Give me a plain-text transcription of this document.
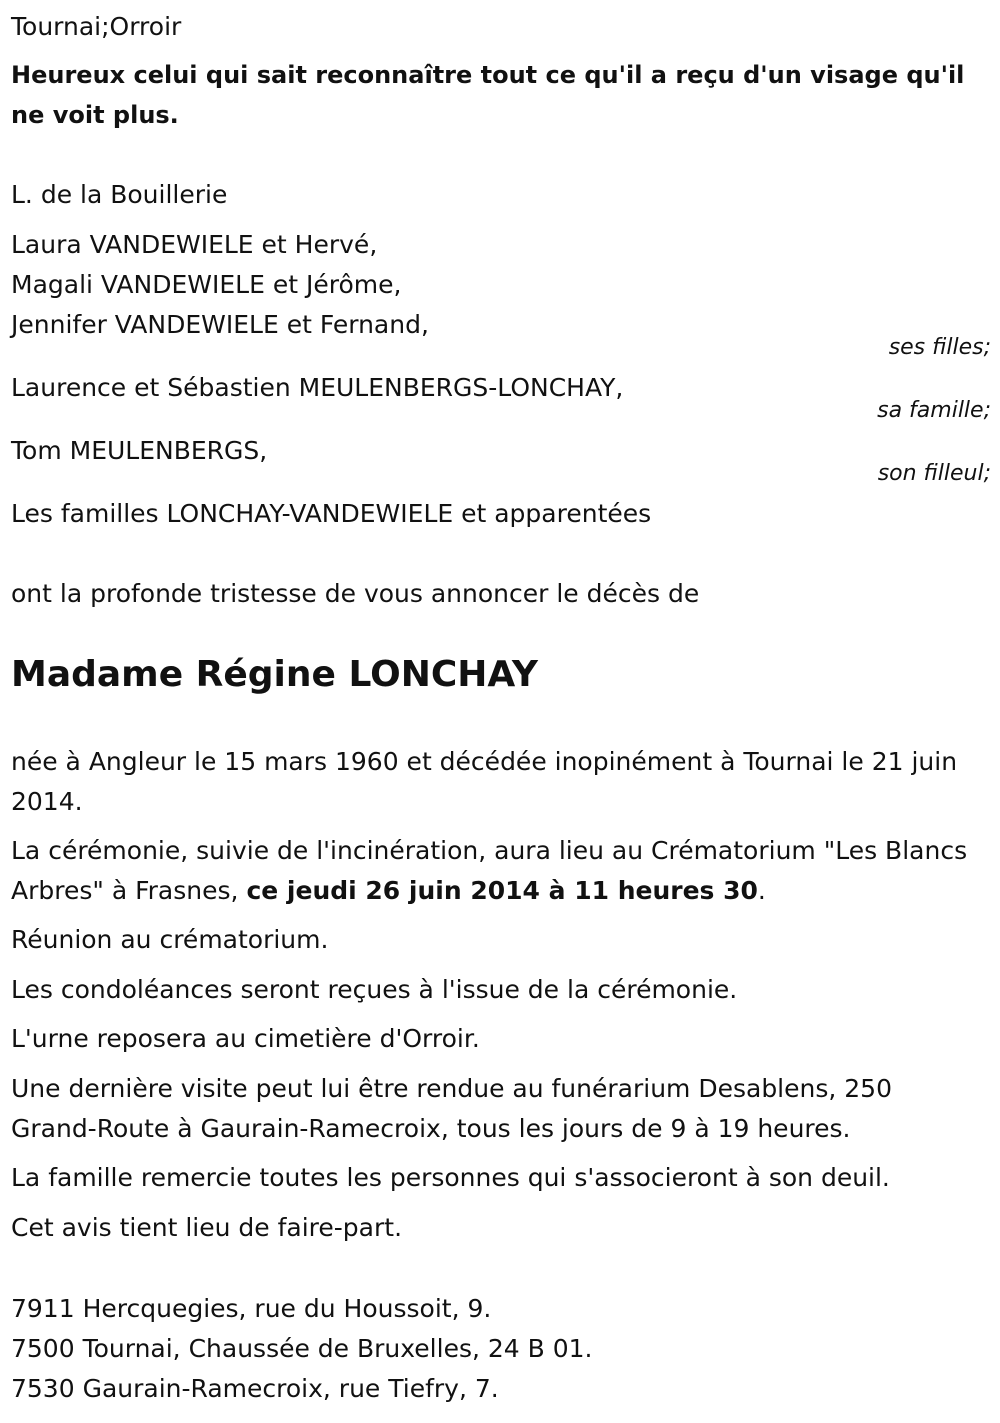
Tournai;Orroir
Heureux celui qui sait reconnaître tout ce qu'il a reçu d'un visage qu'il ne voit plus.
L. de la Bouillerie
Laura VANDEWIELE et Hervé,
Magali VANDEWIELE et Jérôme,
Jennifer VANDEWIELE et Fernand,
ses filles;
Laurence et Sébastien MEULENBERGS-LONCHAY,
sa famille;
Tom MEULENBERGS,
son filleul;
Les familles LONCHAY-VANDEWIELE et apparentées
ont la profonde tristesse de vous annoncer le décès de
Madame Régine LONCHAY
née à Angleur le 15 mars 1960 et décédée inopinément à Tournai le 21 juin 2014.
La cérémonie, suivie de l'incinération, aura lieu au Crématorium "Les Blancs Arbres" à Frasnes, ce jeudi 26 juin 2014 à 11 heures 30.
Réunion au crématorium.
Les condoléances seront reçues à l'issue de la cérémonie.
L'urne reposera au cimetière d'Orroir.
Une dernière visite peut lui être rendue au funérarium Desablens, 250 Grand-Route à Gaurain-Ramecroix, tous les jours de 9 à 19 heures.
La famille remercie toutes les personnes qui s'associeront à son deuil.
Cet avis tient lieu de faire-part.
7911 Hercquegies, rue du Houssoit, 9.
7500 Tournai, Chaussée de Bruxelles, 24 B 01.
7530 Gaurain-Ramecroix, rue Tiefry, 7.
